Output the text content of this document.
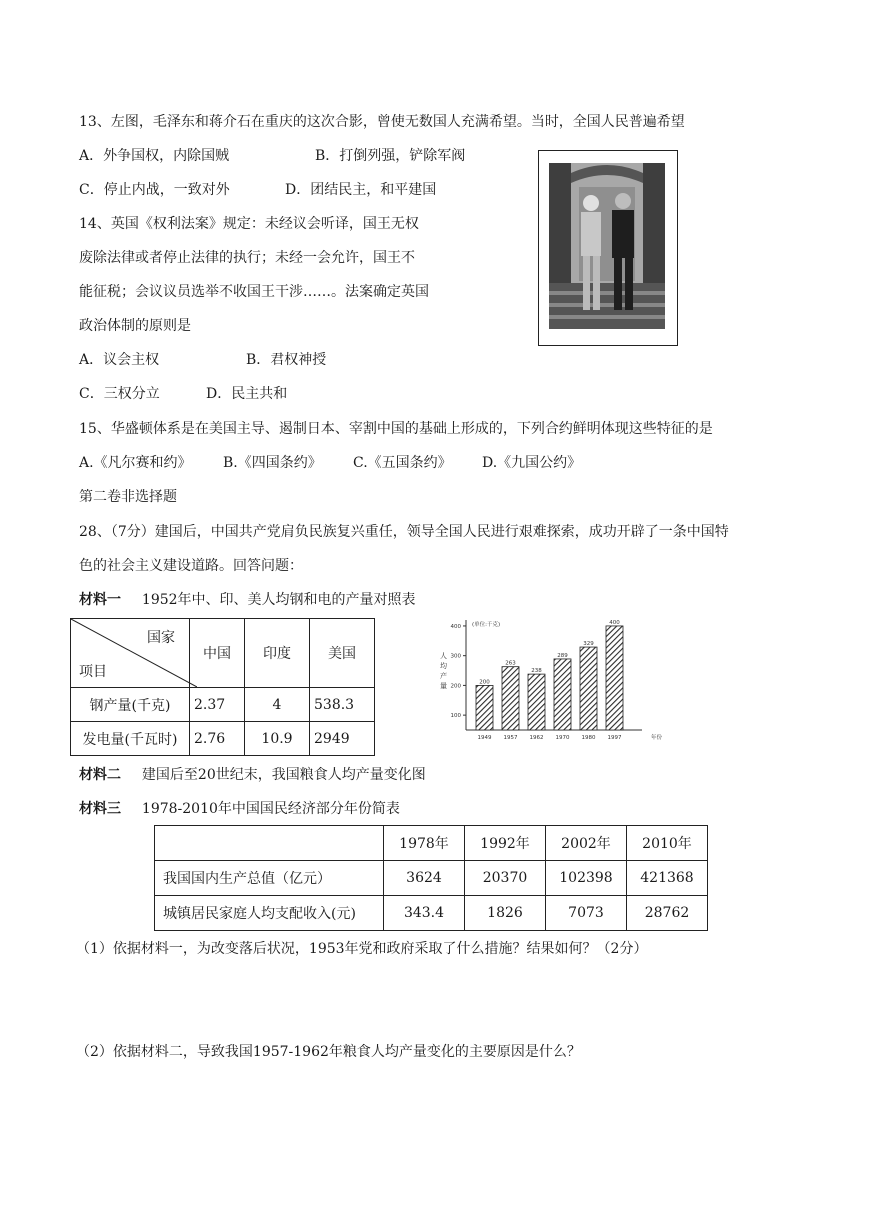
13、左图，毛泽东和蒋介石在重庆的这次合影，曾使无数国人充满希望。当时，全国人民普遍希望
A．外争国权，内除国贼	B．打倒列强，铲除军阀
C．停止内战，一致对外	D．团结民主，和平建国
14、英国《权利法案》规定：未经议会听译，国王无权
废除法律或者停止法律的执行；未经一会允许，国王不
能征税；会议议员选举不收国王干涉……。法案确定英国
政治体制的原则是
A．议会主权	B．君权神授
C．三权分立	D．民主共和
15、华盛顿体系是在美国主导、遏制日本、宰割中国的基础上形成的，下列合约鲜明体现这些特征的是
A.《凡尔赛和约》 B.《四国条约》 C.《五国条约》 D.《九国公约》
第二卷非选择题
28、（7分）建国后，中国共产党肩负民族复兴重任，领导全国人民进行艰难探索，成功开辟了一条中国特
色的社会主义建设道路。回答问题：
材料一 1952年中、印、美人均钢和电的产量对照表
国家
项目	中国	印度	美国
钢产量(千克)	2.37	4	538.3
发电量(千瓦时)	2.76	10.9	2949
100
200
300
400 (单位:千克)
人
均
产
量	200
1949
263
1957
238
1962
289
1970
329
1980
400
1997	年份
材料二 建国后至20世纪末，我国粮食人均产量变化图
材料三 1978-2010年中国国民经济部分年份简表
	1978年	1992年	2002年	2010年
我国国内生产总值（亿元）	3624	20370	102398	421368
城镇居民家庭人均支配收入(元)	343.4	1826	7073	28762
（1）依据材料一，为改变落后状况，1953年党和政府采取了什么措施？结果如何？（2分）
（2）依据材料二，导致我国1957-1962年粮食人均产量变化的主要原因是什么？
